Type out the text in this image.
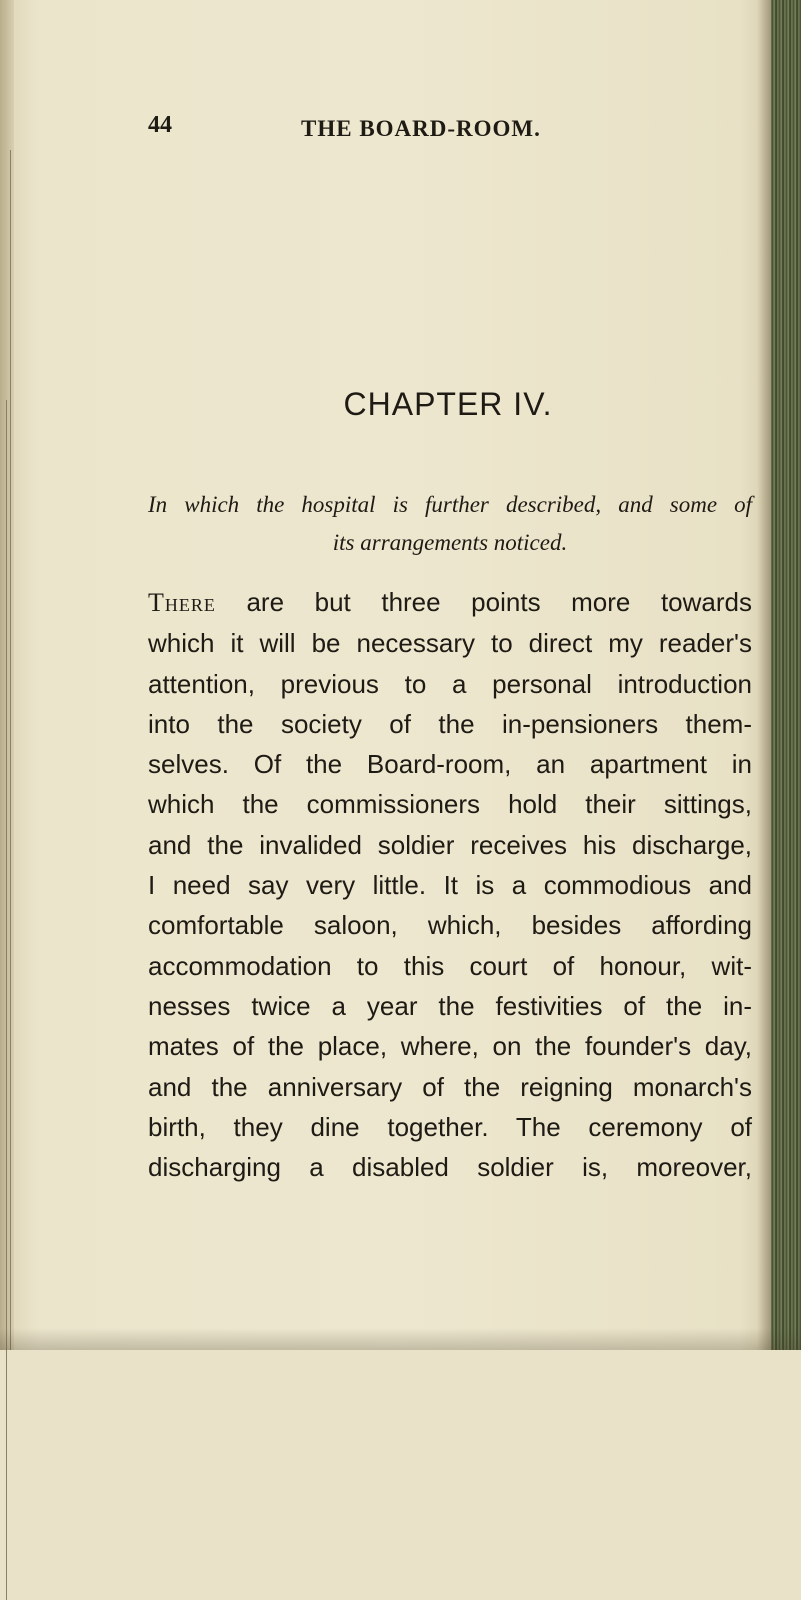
44	THE BOARD-ROOM.
CHAPTER IV.
In which the hospital is further described, and some of
its arrangements noticed.
There are but three points more towards
which it will be necessary to direct my reader's
attention, previous to a personal introduction
into the society of the in-pensioners them-
selves. Of the Board-room, an apartment in
which the commissioners hold their sittings,
and the invalided soldier receives his discharge,
I need say very little. It is a commodious and
comfortable saloon, which, besides affording
accommodation to this court of honour, wit-
nesses twice a year the festivities of the in-
mates of the place, where, on the founder's day,
and the anniversary of the reigning monarch's
birth, they dine together. The ceremony of
discharging a disabled soldier is, moreover,
